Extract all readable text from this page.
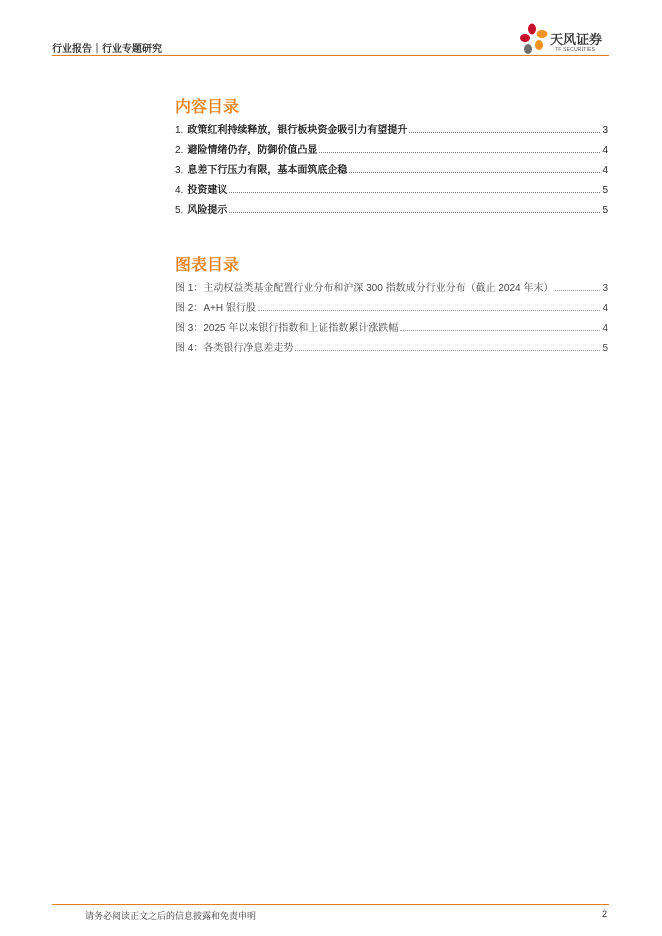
行业报告｜行业专题研究
天风证券
TF SECURITIES
内容目录
1. 政策红利持续释放，银行板块资金吸引力有望提升	3
2. 避险情绪仍存，防御价值凸显	4
3. 息差下行压力有限，基本面筑底企稳	4
4. 投资建议	5
5. 风险提示	5
图表目录
图 1：主动权益类基金配置行业分布和沪深 300 指数成分行业分布（截止 2024 年末）	3
图 2：A+H 银行股	4
图 3：2025 年以来银行指数和上证指数累计涨跌幅	4
图 4：各类银行净息差走势	5
请务必阅读正文之后的信息披露和免责申明	2
